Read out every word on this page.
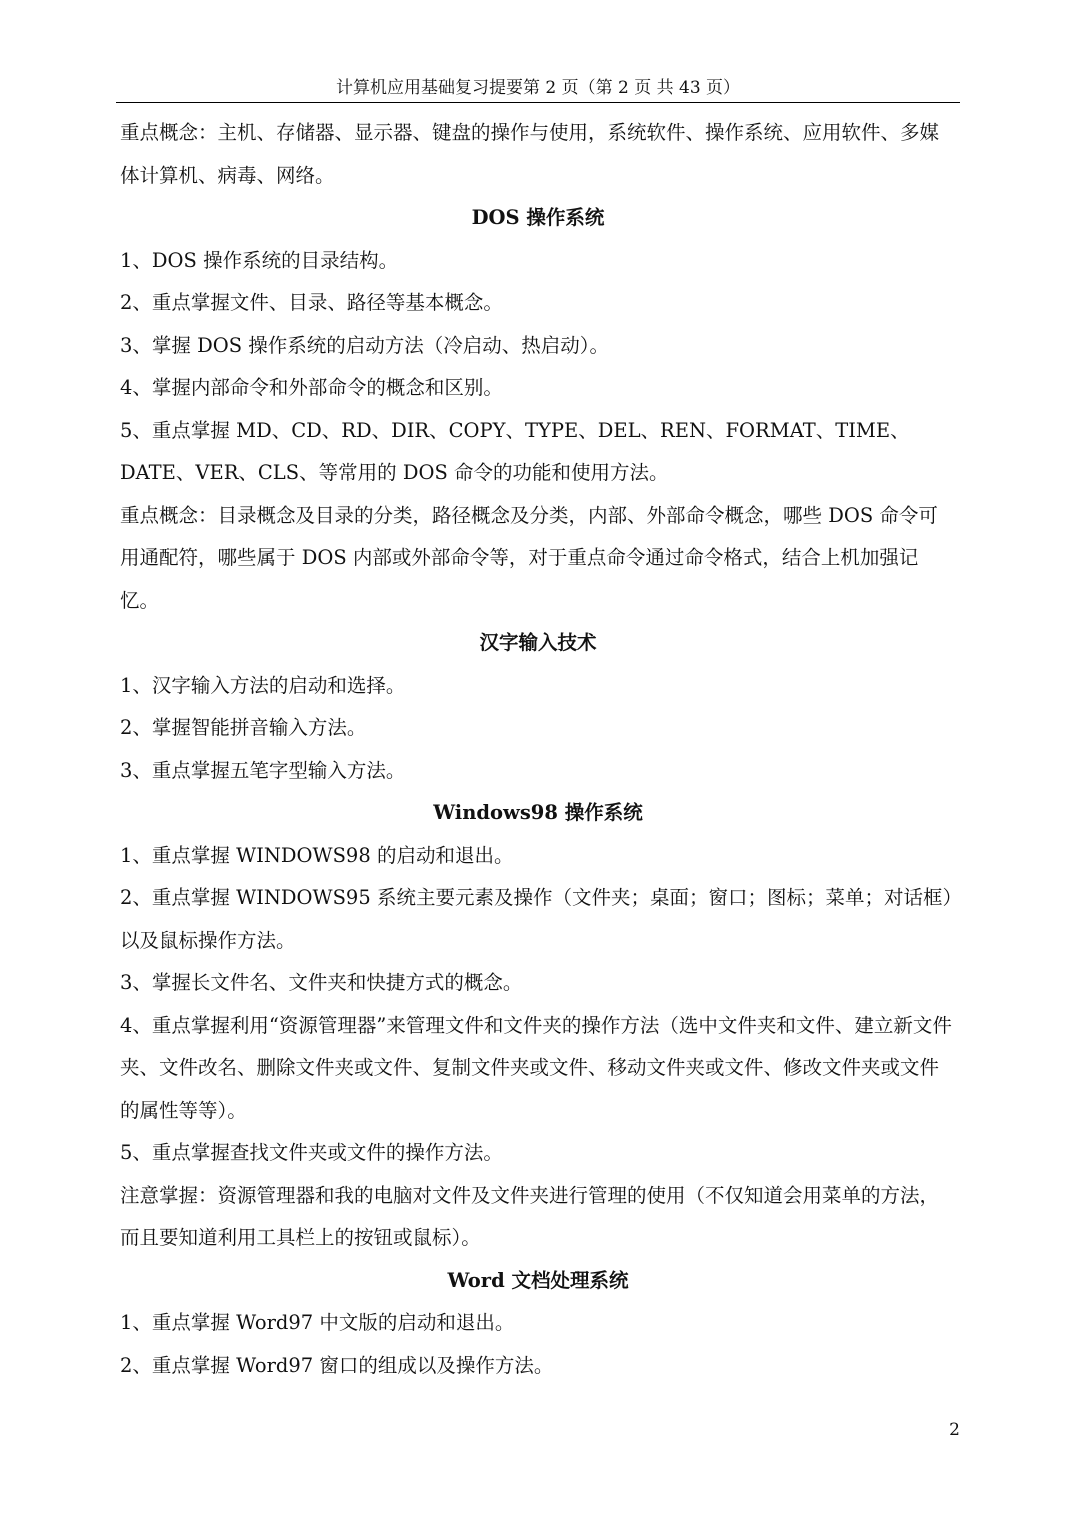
计算机应用基础复习提要第 2 页（第 2 页 共 43 页）

重点概念：主机、存储器、显示器、键盘的操作与使用，系统软件、操作系统、应用软件、多媒体计算机、病毒、网络。

DOS 操作系统

1、DOS 操作系统的目录结构。

2、重点掌握文件、目录、路径等基本概念。

3、掌握 DOS 操作系统的启动方法（冷启动、热启动）。

4、掌握内部命令和外部命令的概念和区别。

5、重点掌握 MD、CD、RD、DIR、COPY、TYPE、DEL、REN、FORMAT、TIME、DATE、VER、CLS、等常用的 DOS 命令的功能和使用方法。

重点概念：目录概念及目录的分类，路径概念及分类，内部、外部命令概念，哪些 DOS 命令可用通配符，哪些属于 DOS 内部或外部命令等，对于重点命令通过命令格式，结合上机加强记忆。

汉字输入技术

1、汉字输入方法的启动和选择。

2、掌握智能拼音输入方法。

3、重点掌握五笔字型输入方法。

Windows98 操作系统

1、重点掌握 WINDOWS98 的启动和退出。

2、重点掌握 WINDOWS95 系统主要元素及操作（文件夹；桌面；窗口；图标；菜单；对话框）以及鼠标操作方法。

3、掌握长文件名、文件夹和快捷方式的概念。

4、重点掌握利用“资源管理器”来管理文件和文件夹的操作方法（选中文件夹和文件、建立新文件夹、文件改名、删除文件夹或文件、复制文件夹或文件、移动文件夹或文件、修改文件夹或文件的属性等等）。

5、重点掌握查找文件夹或文件的操作方法。

注意掌握：资源管理器和我的电脑对文件及文件夹进行管理的使用（不仅知道会用菜单的方法，而且要知道利用工具栏上的按钮或鼠标）。

Word 文档处理系统

1、重点掌握 Word97 中文版的启动和退出。

2、重点掌握 Word97 窗口的组成以及操作方法。

2
